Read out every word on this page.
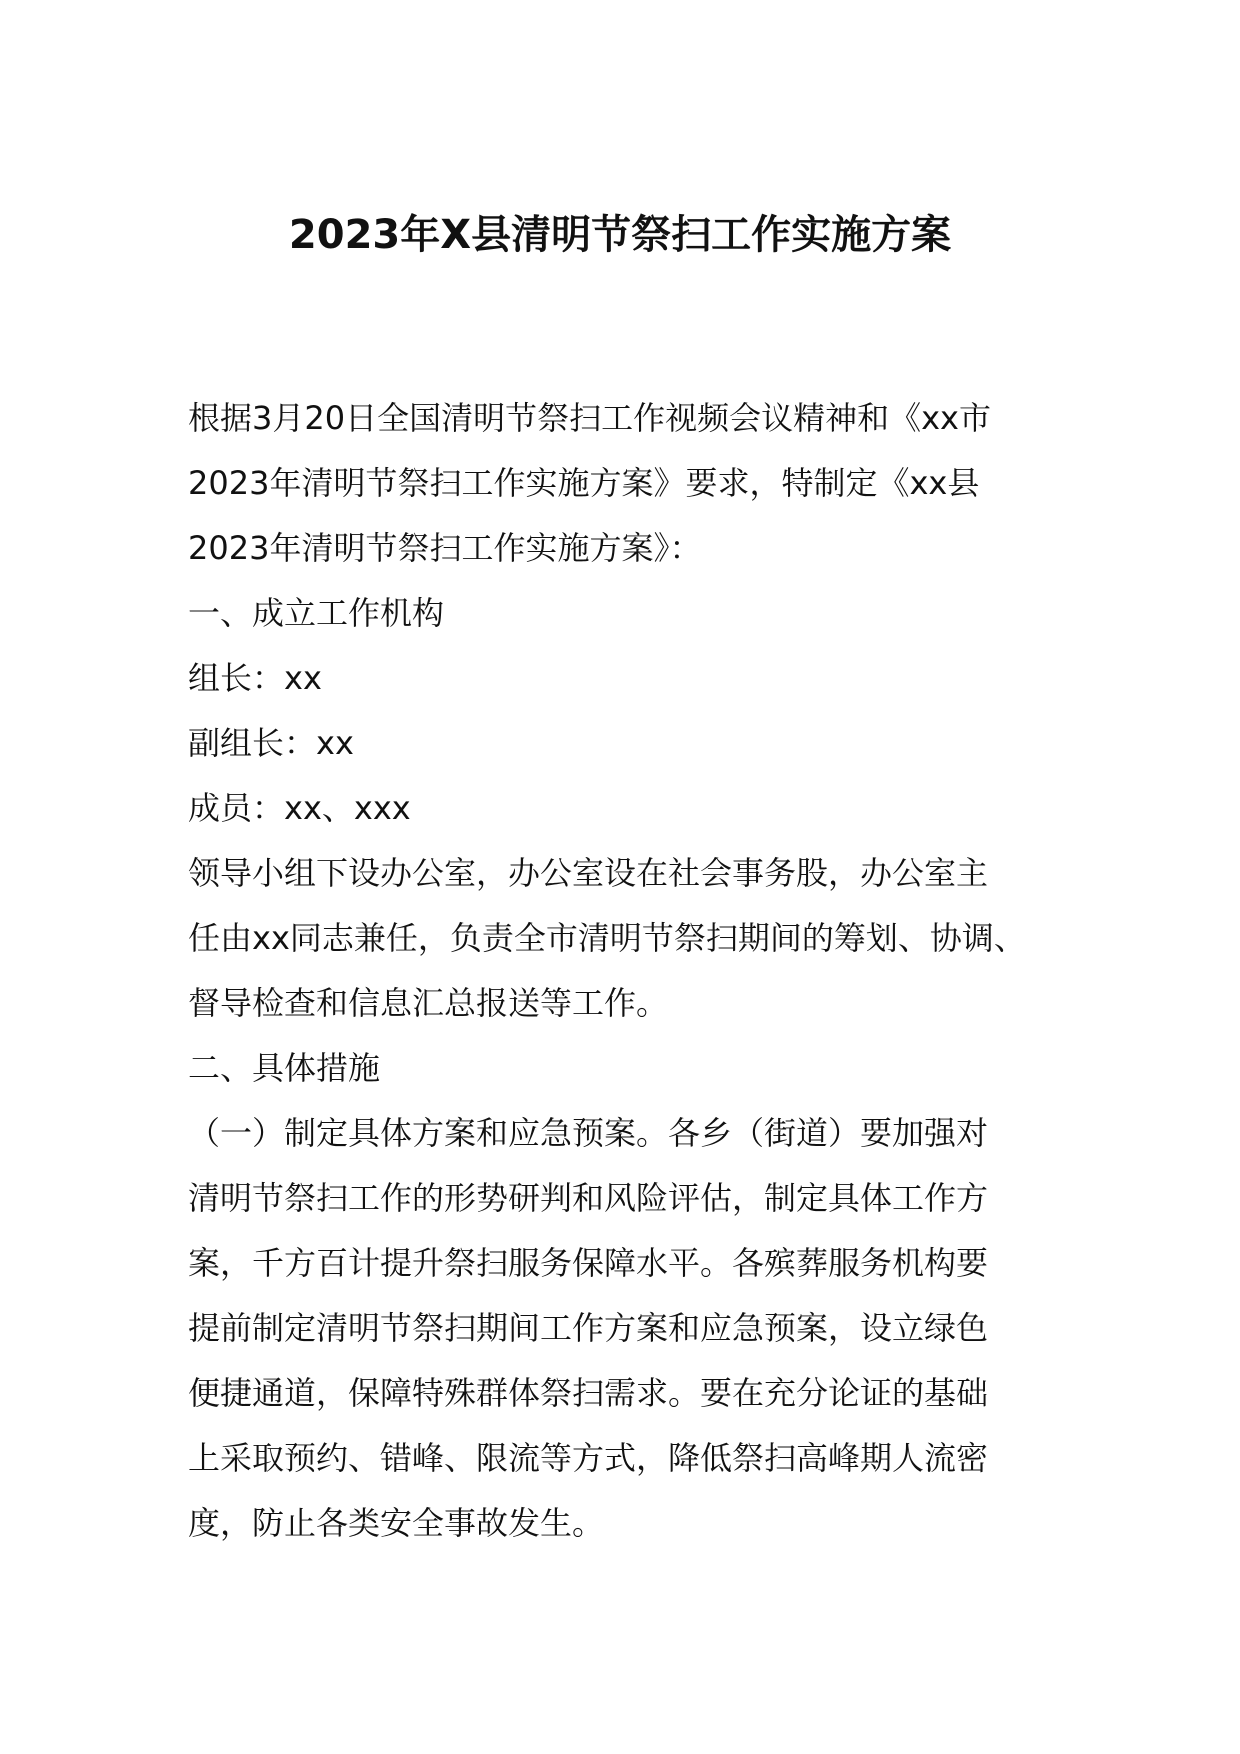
2023年X县清明节祭扫工作实施方案
根据3月20日全国清明节祭扫工作视频会议精神和《xx市
2023年清明节祭扫工作实施方案》要求，特制定《xx县
2023年清明节祭扫工作实施方案》：
一、成立工作机构
组长：xx
副组长：xx
成员：xx、xxx
领导小组下设办公室，办公室设在社会事务股，办公室主
任由xx同志兼任，负责全市清明节祭扫期间的筹划、协调、
督导检查和信息汇总报送等工作。
二、具体措施
（一）制定具体方案和应急预案。各乡（街道）要加强对
清明节祭扫工作的形势研判和风险评估，制定具体工作方
案，千方百计提升祭扫服务保障水平。各殡葬服务机构要
提前制定清明节祭扫期间工作方案和应急预案，设立绿色
便捷通道，保障特殊群体祭扫需求。要在充分论证的基础
上采取预约、错峰、限流等方式，降低祭扫高峰期人流密
度，防止各类安全事故发生。
